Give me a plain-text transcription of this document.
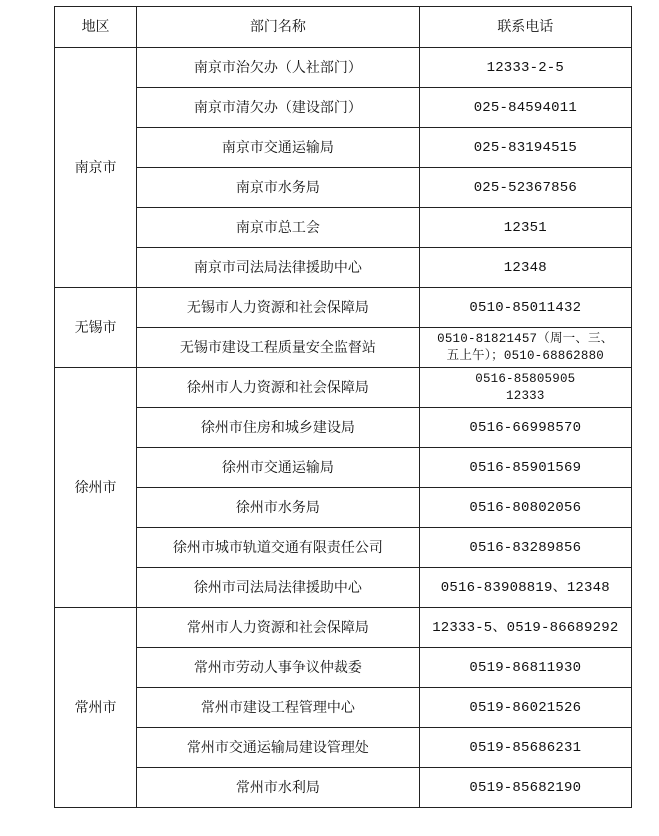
地区	部门名称	联系电话
南京市	南京市治欠办（人社部门）	12333-2-5
	南京市清欠办（建设部门）	025-84594011
	南京市交通运输局	025-83194515
	南京市水务局	025-52367856
	南京市总工会	12351
	南京市司法局法律援助中心	12348
无锡市	无锡市人力资源和社会保障局	0510-85011432
	无锡市建设工程质量安全监督站	0510-81821457（周一、三、
五上午）；0510-68862880

徐州市	徐州市人力资源和社会保障局	0516-85805905
12333

	徐州市住房和城乡建设局	0516-66998570
	徐州市交通运输局	0516-85901569
	徐州市水务局	0516-80802056
	徐州市城市轨道交通有限责任公司	0516-83289856
	徐州市司法局法律援助中心	0516-83908819、12348
常州市	常州市人力资源和社会保障局	12333-5、0519-86689292
	常州市劳动人事争议仲裁委	0519-86811930
	常州市建设工程管理中心	0519-86021526
	常州市交通运输局建设管理处	0519-85686231
	常州市水利局	0519-85682190
